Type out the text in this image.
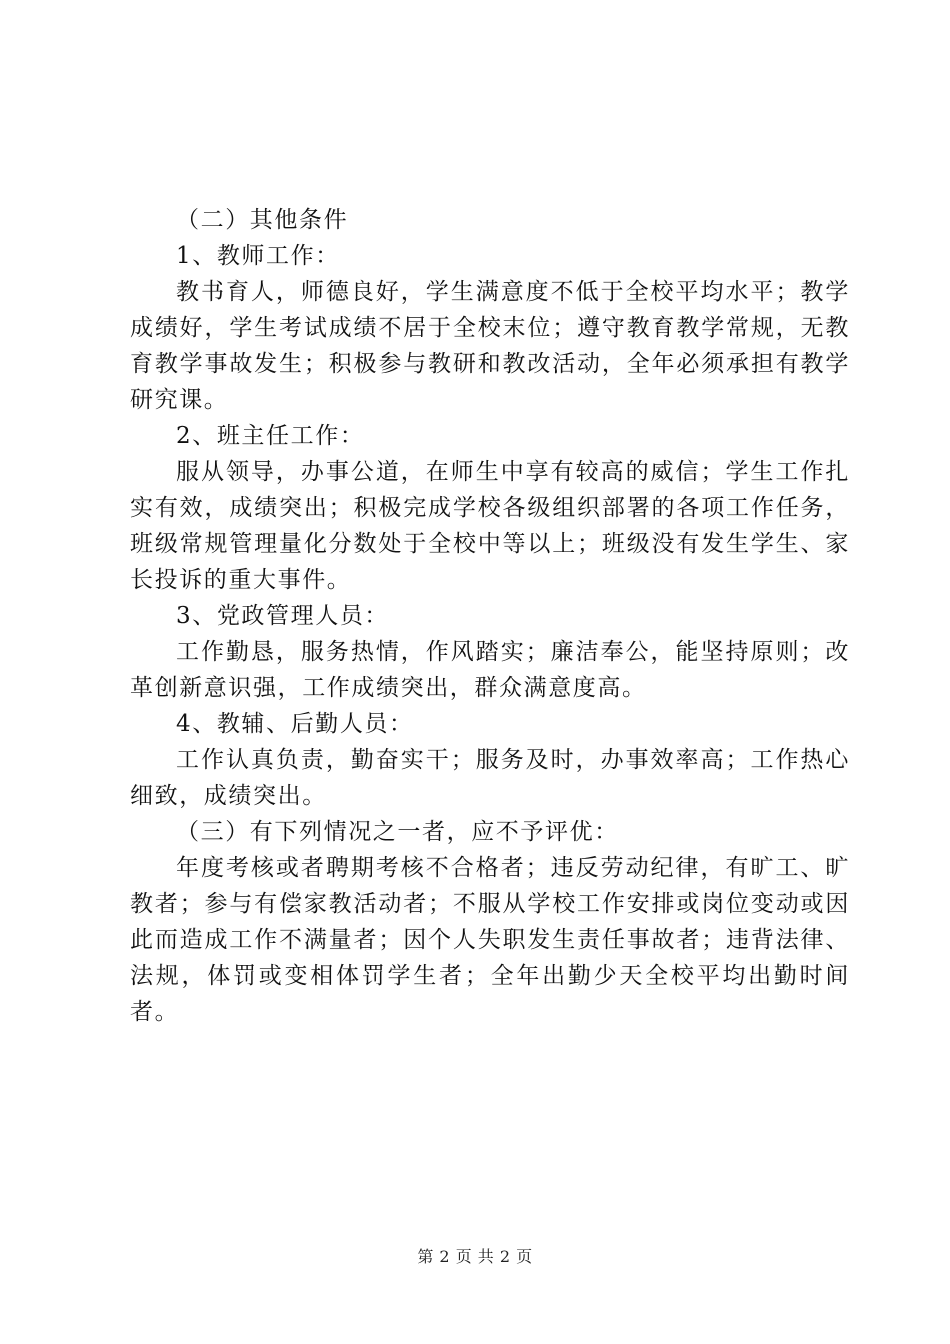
（二）其他条件

1、教师工作：

教书育人，师德良好，学生满意度不低于全校平均水平；教学成绩好，学生考试成绩不居于全校末位；遵守教育教学常规，无教育教学事故发生；积极参与教研和教改活动，全年必须承担有教学研究课。

2、班主任工作：

服从领导，办事公道，在师生中享有较高的威信；学生工作扎实有效，成绩突出；积极完成学校各级组织部署的各项工作任务，班级常规管理量化分数处于全校中等以上；班级没有发生学生、家长投诉的重大事件。

3、党政管理人员：

工作勤恳，服务热情，作风踏实；廉洁奉公，能坚持原则；改革创新意识强，工作成绩突出，群众满意度高。

4、教辅、后勤人员：

工作认真负责，勤奋实干；服务及时，办事效率高；工作热心细致，成绩突出。

（三）有下列情况之一者，应不予评优：

年度考核或者聘期考核不合格者；违反劳动纪律，有旷工、旷教者；参与有偿家教活动者；不服从学校工作安排或岗位变动或因此而造成工作不满量者；因个人失职发生责任事故者；违背法律、法规，体罚或变相体罚学生者；全年出勤少天全校平均出勤时间者。

第 2 页 共 2 页
